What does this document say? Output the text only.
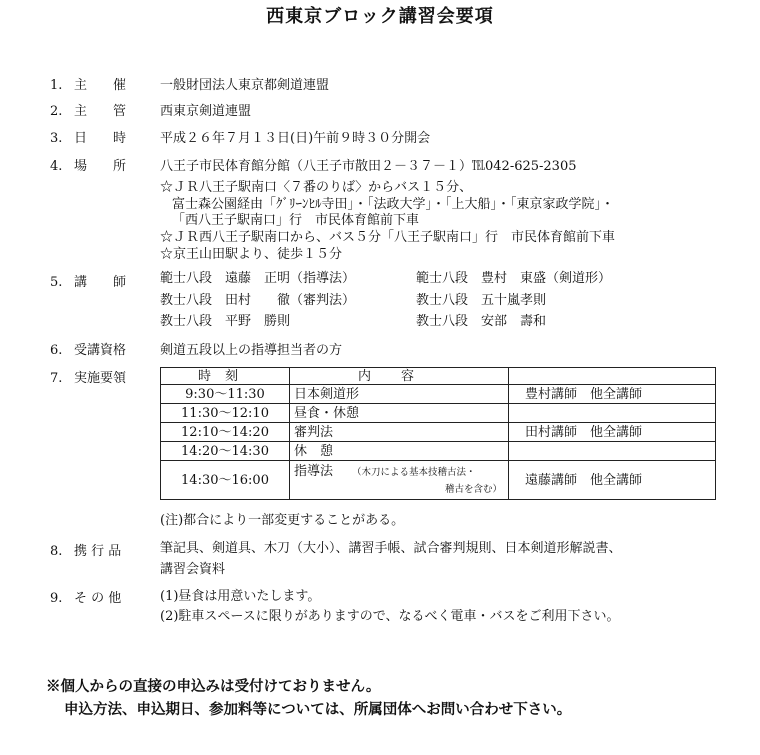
西東京ブロック講習会要項
1. 主　　催	一般財団法人東京都剣道連盟
2. 主　　管	西東京剣道連盟
3. 日　　時	平成２６年７月１３日(日)午前９時３０分開会
4. 場　　所	八王子市民体育館分館（八王子市散田２－３７－１）℡042‐625‐2305
☆ＪＲ八王子駅南口〈７番のりば〉からバス１５分、
富士森公園経由「ｸﾞﾘｰﾝﾋﾙ寺田」・「法政大学」・「上大船」・「東京家政学院」・
「西八王子駅南口」行　市民体育館前下車
☆ＪＲ西八王子駅南口から、バス５分「八王子駅南口」行　市民体育館前下車
☆京王山田駅より、徒歩１５分
5. 講　　師	範士八段　遠藤　正明（指導法）	範士八段　豊村　東盛（剣道形）
教士八段　田村　　徹（審判法）	教士八段　五十嵐孝則
教士八段　平野　勝則	教士八段　安部　壽和
6. 受講資格	剣道五段以上の指導担当者の方
7. 実施要領	時刻	内容	
9:30〜11:30	日本剣道形	豊村講師　他全講師
11:30〜12:10	昼食・休憩	
12:10〜14:20	審判法	田村講師　他全講師
14:20〜14:30	休　憩	
14:30〜16:00	指導法 （木刀による基本技稽古法・
稽古を含む）	遠藤講師　他全講師
(注)都合により一部変更することがある。
8. 携 行 品	筆記具、剣道具、木刀（大小）、講習手帳、試合審判規則、日本剣道形解説書、
講習会資料
9. そ の 他	(1)昼食は用意いたします。
(2)駐車スペースに限りがありますので、なるべく電車・バスをご利用下さい。
※個人からの直接の申込みは受付けておりません。
申込方法、申込期日、参加料等については、所属団体へお問い合わせ下さい。
